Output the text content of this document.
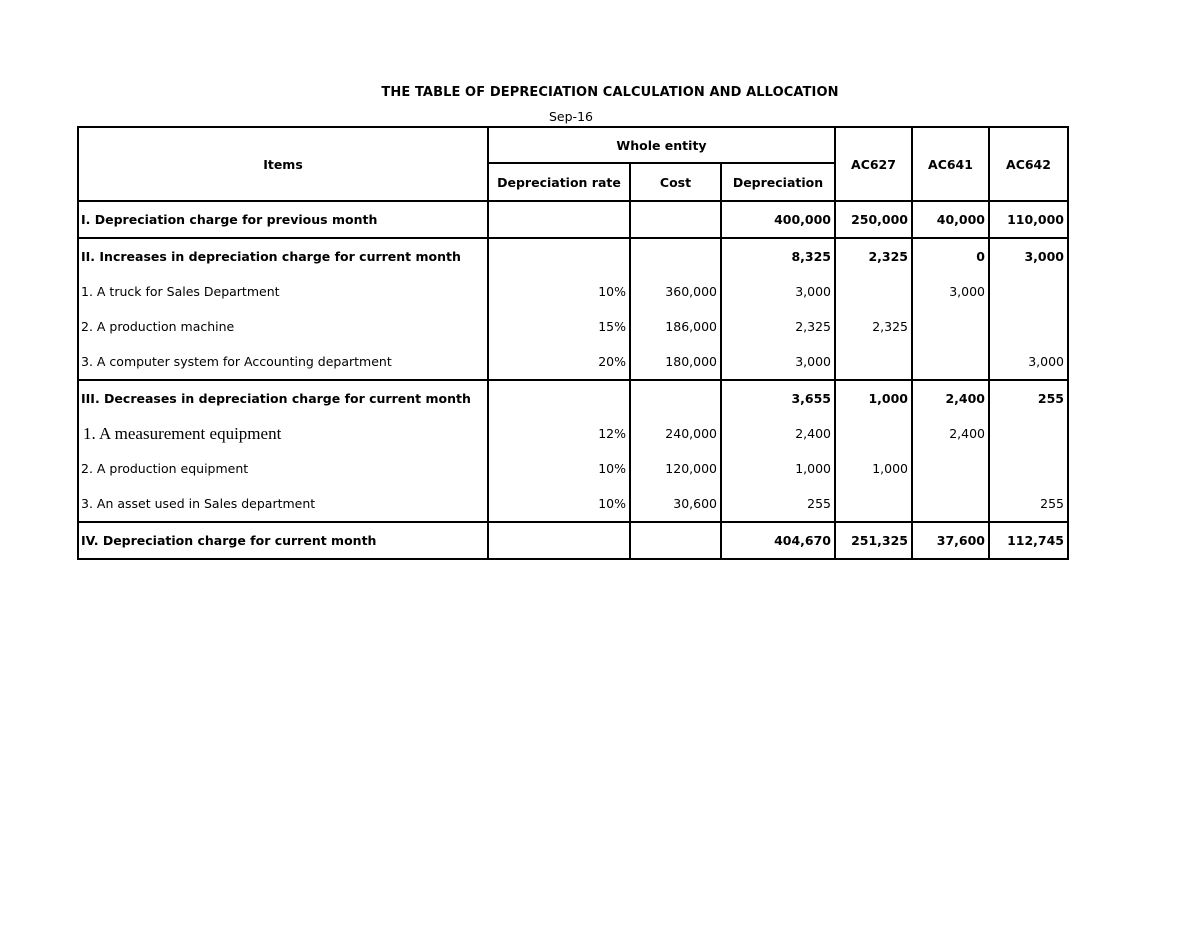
THE TABLE OF DEPRECIATION CALCULATION AND ALLOCATION
Sep-16
Items	Whole entity			AC627	AC641	AC642
	Depreciation rate	Cost	Depreciation			
I. Depreciation charge for previous month			400,000	250,000	40,000	110,000
II. Increases in depreciation charge for current month			8,325	2,325	0	3,000
1. A truck for Sales Department	10%	360,000	3,000		3,000	
2. A production machine	15%	186,000	2,325	2,325		
3. A computer system for Accounting department	20%	180,000	3,000			3,000
III. Decreases in depreciation charge for current month			3,655	1,000	2,400	255
1. A measurement equipment	12%	240,000	2,400		2,400	
2. A production equipment	10%	120,000	1,000	1,000		
3. An asset used in Sales department	10%	30,600	255			255
IV. Depreciation charge for current month			404,670	251,325	37,600	112,745
